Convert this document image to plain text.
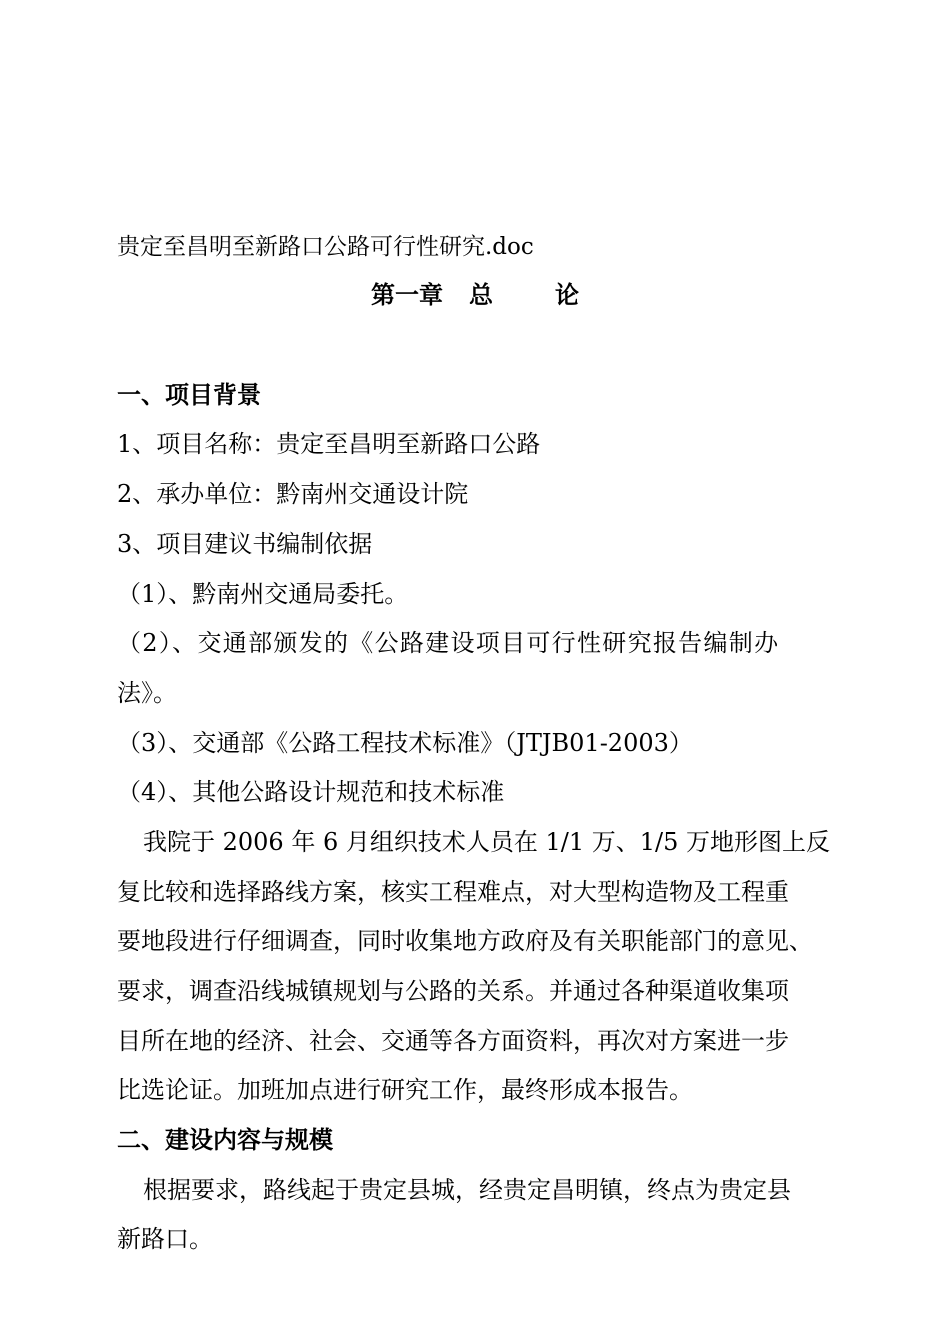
贵定至昌明至新路口公路可行性研究.doc
第一章 总	论
一、项目背景
1、项目名称：贵定至昌明至新路口公路
2、承办单位：黔南州交通设计院
3、项目建议书编制依据
（1）、黔南州交通局委托。
（2）、交通部颁发的《公路建设项目可行性研究报告编制办
法》。
（3）、交通部《公路工程技术标准》（JTJB01-2003）
（4）、其他公路设计规范和技术标准
我院于 2006 年 6 月组织技术人员在 1/1 万、1/5 万地形图上反
复比较和选择路线方案，核实工程难点，对大型构造物及工程重
要地段进行仔细调查，同时收集地方政府及有关职能部门的意见、
要求，调查沿线城镇规划与公路的关系。并通过各种渠道收集项
目所在地的经济、社会、交通等各方面资料，再次对方案进一步
比选论证。加班加点进行研究工作，最终形成本报告。
二、建设内容与规模
根据要求，路线起于贵定县城，经贵定昌明镇，终点为贵定县
新路口。
